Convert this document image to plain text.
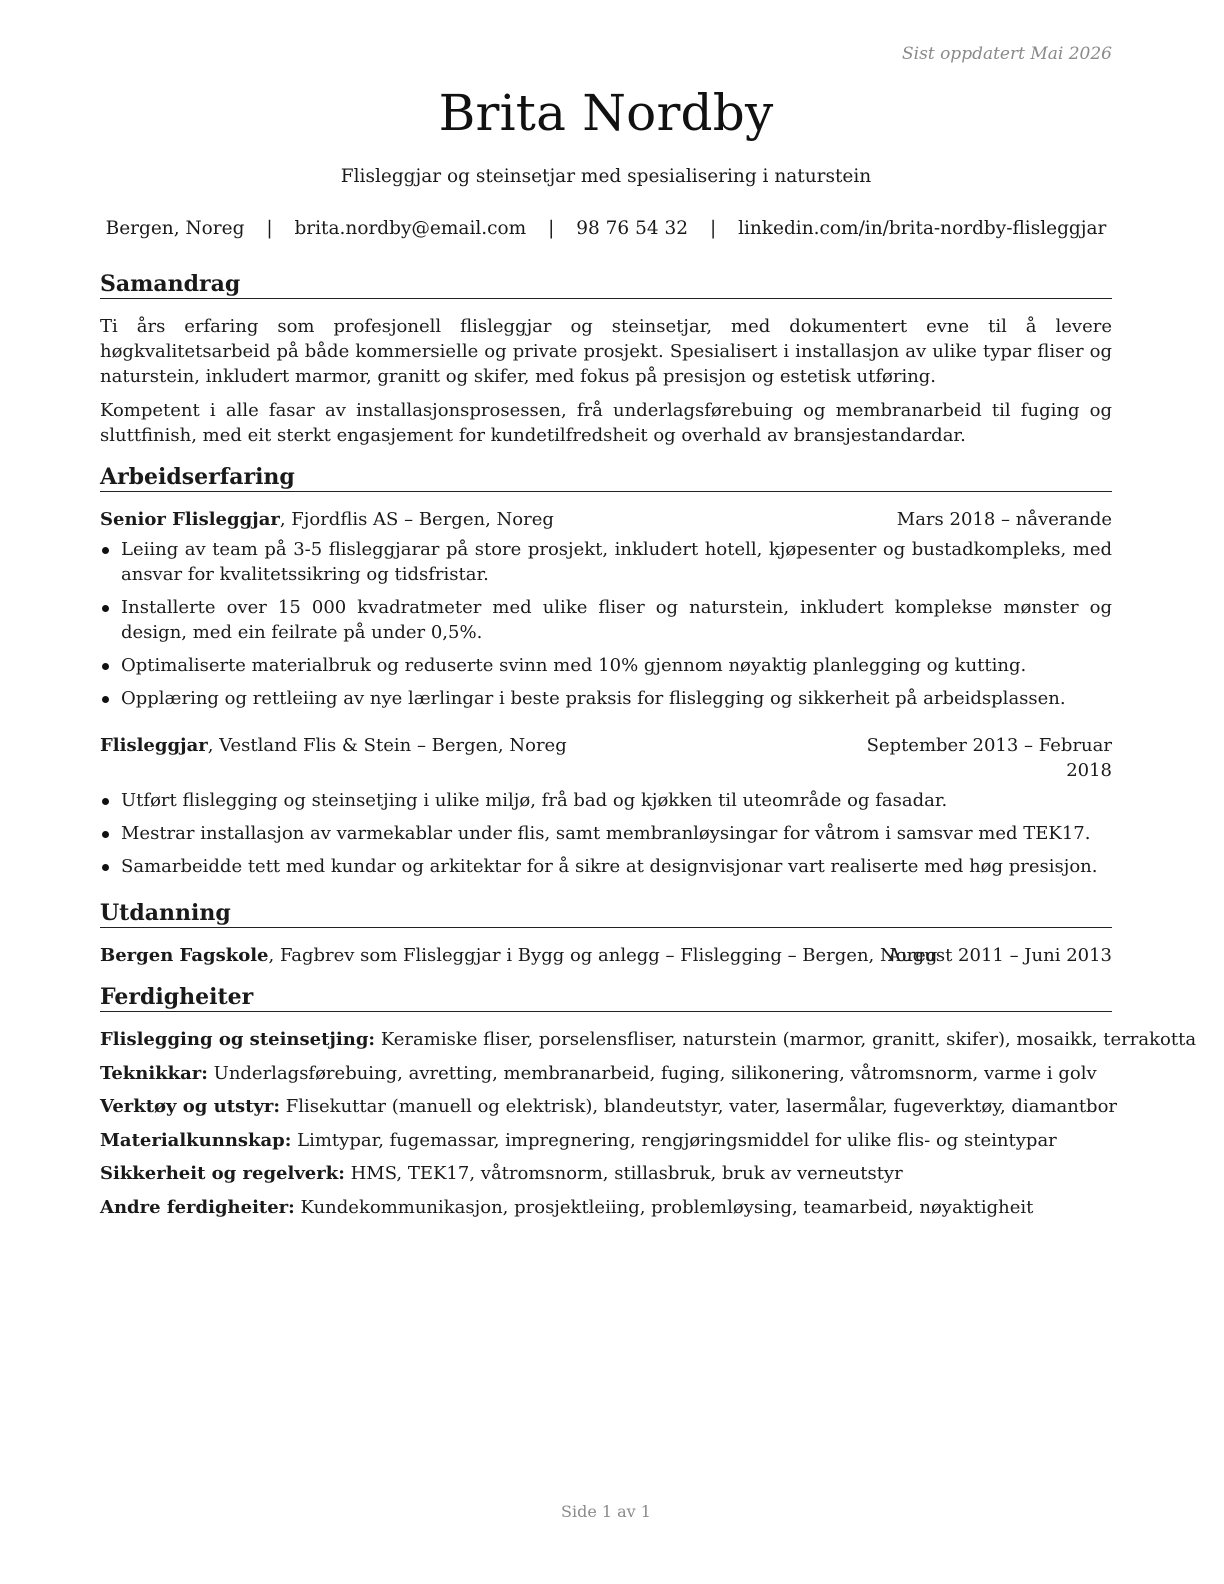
Sist oppdatert Mai 2026
Brita Nordby
Flisleggjar og steinsetjar med spesialisering i naturstein
Bergen, Noreg | brita.nordby@email.com | 98 76 54 32 | linkedin.com/in/brita-nordby-flisleggjar
Samandrag
Ti års erfaring som profesjonell flisleggjar og steinsetjar, med dokumentert evne til å levere høgkvalitetsarbeid på både kommersielle og private prosjekt. Spesialisert i installasjon av ulike typar fliser og naturstein, inkludert marmor, granitt og skifer, med fokus på presisjon og estetisk utføring.
Kompetent i alle fasar av installasjonsprosessen, frå underlagsførebuing og membranarbeid til fuging og sluttfinish, med eit sterkt engasjement for kundetilfredsheit og overhald av bransjestandardar.
Arbeidserfaring
Senior Flisleggjar, Fjordflis AS – Bergen, Noreg	Mars 2018 – nåverande
Leiing av team på 3-5 flisleggjarar på store prosjekt, inkludert hotell, kjøpesenter og bustadkompleks, med ansvar for kvalitetssikring og tidsfristar.
Installerte over 15 000 kvadratmeter med ulike fliser og naturstein, inkludert komplekse mønster og design, med ein feilrate på under 0,5%.
Optimaliserte materialbruk og reduserte svinn med 10% gjennom nøyaktig planlegging og kutting.
Opplæring og rettleiing av nye lærlingar i beste praksis for flislegging og sikkerheit på arbeidsplassen.
Flisleggjar, Vestland Flis & Stein – Bergen, Noreg	September 2013 – Februar
2018
Utført flislegging og steinsetjing i ulike miljø, frå bad og kjøkken til uteområde og fasadar.
Mestrar installasjon av varmekablar under flis, samt membranløysingar for våtrom i samsvar med TEK17.
Samarbeidde tett med kundar og arkitektar for å sikre at designvisjonar vart realiserte med høg presisjon.
Utdanning
Bergen Fagskole, Fagbrev som Flisleggjar i Bygg og anlegg – Flislegging – Bergen, Noreg
August 2011 – Juni 2013
Ferdigheiter
Flislegging og steinsetjing: Keramiske fliser, porselensfliser, naturstein (marmor, granitt, skifer), mosaikk, terrakotta
Teknikkar: Underlagsførebuing, avretting, membranarbeid, fuging, silikonering, våtromsnorm, varme i golv
Verktøy og utstyr: Flisekuttar (manuell og elektrisk), blandeutstyr, vater, lasermålar, fugeverktøy, diamantbor
Materialkunnskap: Limtypar, fugemassar, impregnering, rengjøringsmiddel for ulike flis- og steintypar
Sikkerheit og regelverk: HMS, TEK17, våtromsnorm, stillasbruk, bruk av verneutstyr
Andre ferdigheiter: Kundekommunikasjon, prosjektleiing, problemløysing, teamarbeid, nøyaktigheit
Side 1 av 1
